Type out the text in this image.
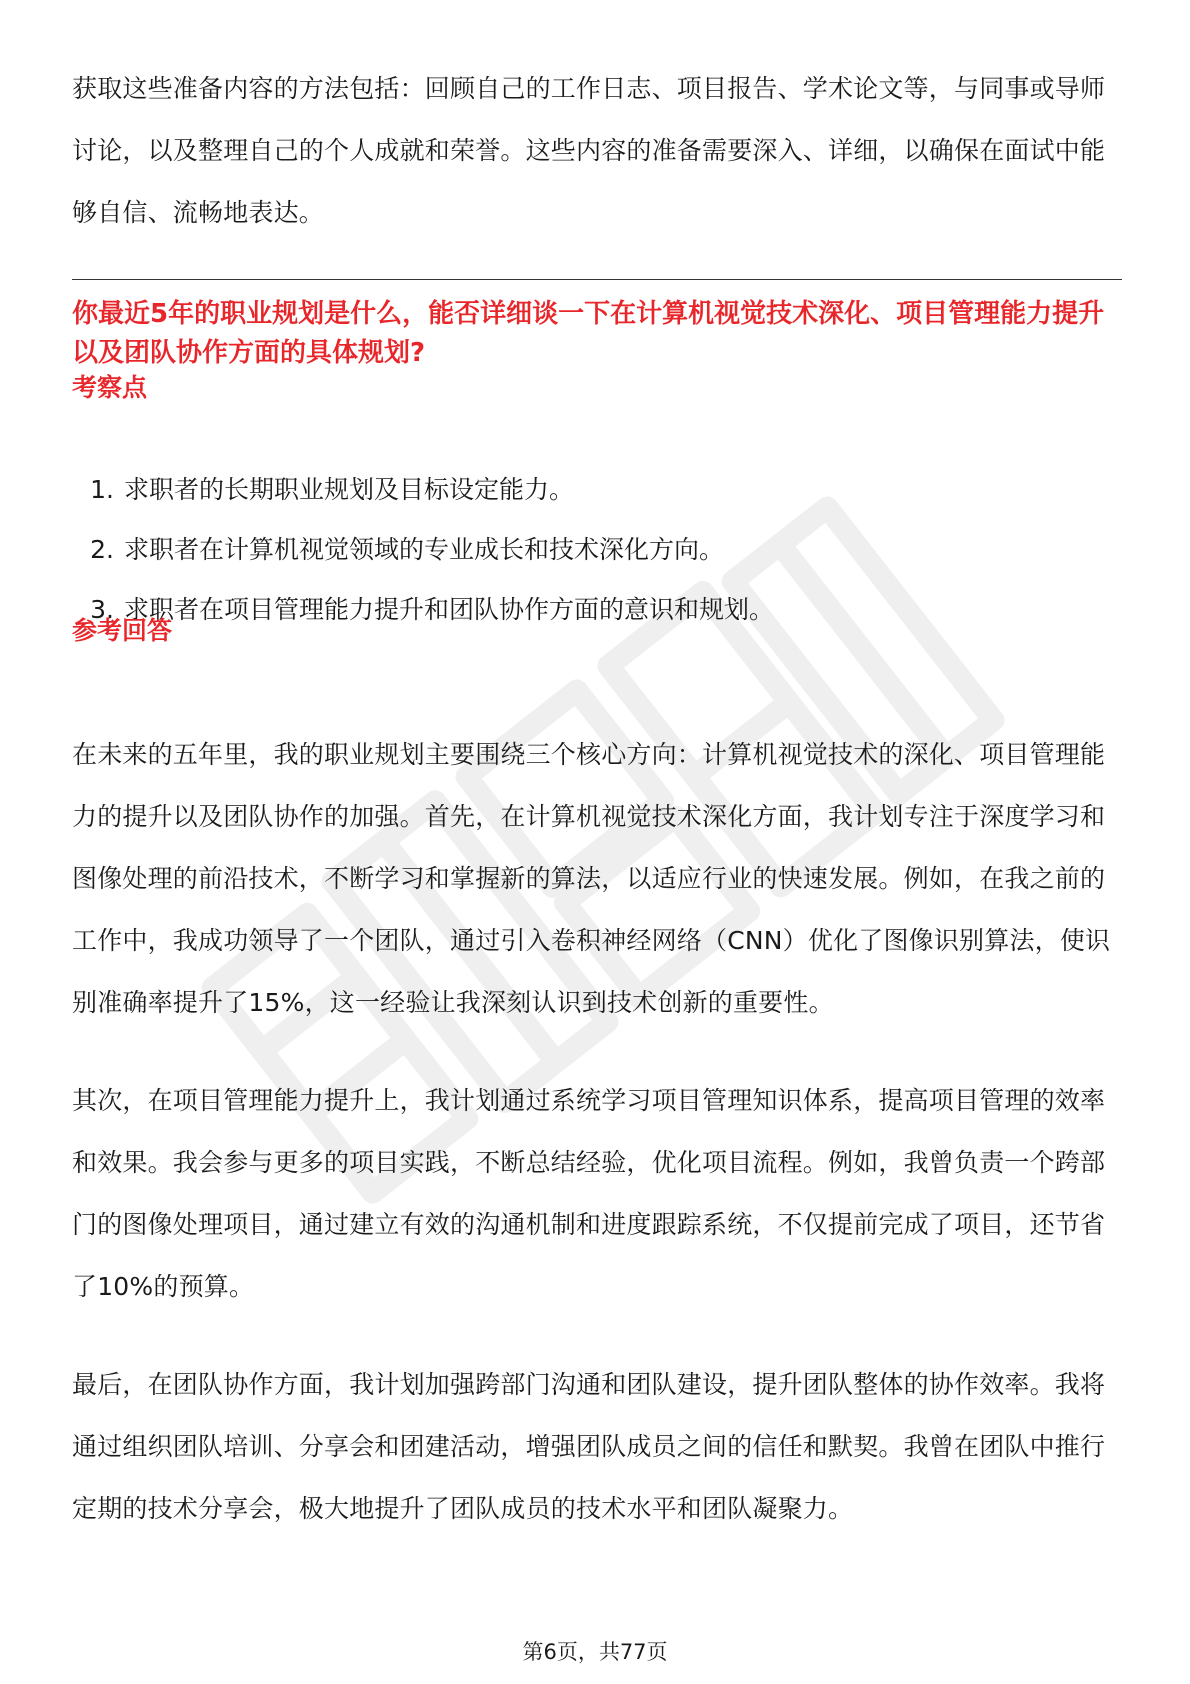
获取这些准备内容的方法包括：回顾自己的工作日志、项目报告、学术论文等，与同事或导师讨论，以及整理自己的个人成就和荣誉。这些内容的准备需要深入、详细，以确保在面试中能够自信、流畅地表达。

你最近5年的职业规划是什么，能否详细谈一下在计算机视觉技术深化、项目管理能力提升以及团队协作方面的具体规划?
考察点
1. 求职者的长期职业规划及目标设定能力。
2. 求职者在计算机视觉领域的专业成长和技术深化方向。
3. 求职者在项目管理能力提升和团队协作方面的意识和规划。
参考回答

在未来的五年里，我的职业规划主要围绕三个核心方向：计算机视觉技术的深化、项目管理能力的提升以及团队协作的加强。首先，在计算机视觉技术深化方面，我计划专注于深度学习和图像处理的前沿技术，不断学习和掌握新的算法，以适应行业的快速发展。例如，在我之前的工作中，我成功领导了一个团队，通过引入卷积神经网络（CNN）优化了图像识别算法，使识别准确率提升了15%，这一经验让我深刻认识到技术创新的重要性。

其次，在项目管理能力提升上，我计划通过系统学习项目管理知识体系，提高项目管理的效率和效果。我会参与更多的项目实践，不断总结经验，优化项目流程。例如，我曾负责一个跨部门的图像处理项目，通过建立有效的沟通机制和进度跟踪系统，不仅提前完成了项目，还节省了10%的预算。

最后，在团队协作方面，我计划加强跨部门沟通和团队建设，提升团队整体的协作效率。我将通过组织团队培训、分享会和团建活动，增强团队成员之间的信任和默契。我曾在团队中推行定期的技术分享会，极大地提升了团队成员的技术水平和团队凝聚力。

第6页，共77页
